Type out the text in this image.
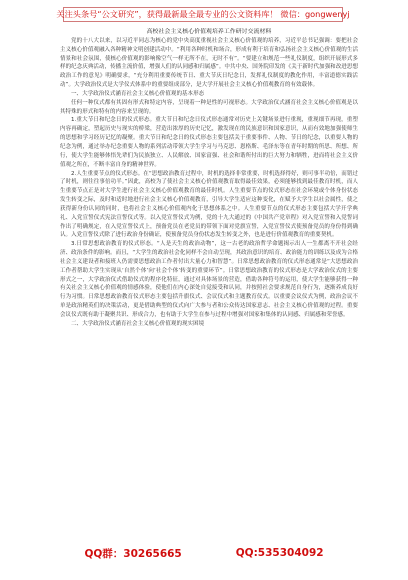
关注头条号“公文研究”，获得最新最全最专业的公文资料库！ 微信：gongwenyj
高校社会主义核心价值观培养工作研讨交流材料

党的十八大以来，以习近平同志为核心的党中央高度重视社会主义核心价值观的培养，习近平总书记强调：要把社会主义核心价值观融入各种精神文明创建活动中。“利用各种时机和场合，形成有利于培育和弘扬社会主义核心价值观的生活情景和社会氛围，使核心价值观的影响像空气一样无所不在，无时不有”。“要建立和规范一些礼仪制度，组织开展形式多样的纪念庆典活动，传播主流价值，增强人们的认同感和归属感”。中共中央、国务院印发的《关于新时代加强和改进思想政治工作的意见》明确要求，“充分利用重要传统节日、重大节庆日纪念日，发挥礼仪制度的教化作用，丰富道德实践活动”。大学政治仪式是大学仪式体系中的重要组成部分，是大学开展社会主义核心价值观教育的有效载体。

一、大学政治仪式涵育社会主义核心价值观的基本形态

任何一种仪式都有其固有形式和特定内容，呈现着一种是性的可视形态。大学政治仪式涵育社会主义核心价值观是以其特殊的形式和特有的内容来呈现的。

1.重大节日和纪念日的仪式形态。重大节日和纪念日仪式形态通常对历史上关键场景进行重现，重现细节再现，重塑内容再确定，塑起历史与现实的桥梁，营造出浓厚的历史记忆，激发现在的民族意识和国家意识，从而有效地加强使师生的思想和学习经历记忆的凝聚。重大节日和纪念日的仪式形态主要包括关于重要事件、人物、节日的纪念，以重要人物的纪念为例，通过举办纪念重要人物的系列活动带领大学生学习与马克思、恩格斯、毛泽东等在青年时期的所思、所想、所行，使大学生能够体悟先辈们为民族独立、人民解放、国家富强、社会和谐所付出的巨大努力和牺牲，进而将社会主义价值观之所在，不断丰富自身的精神世界。

2.人生重要节点的仪式形态。在“思想政治教育过程中，时机的选择非常重要，时机选择得好，则可事半功倍，而错过了时机，则往往事倍功半。”因此，高校为了使社会主义核心价值观教育取得最佳效果，必须能够找到最佳教育时机，而人生重要节点正是对大学生进行社会主义核心价值观教育的最佳时机。人生重要节点的仪式形态在社会环境或个体身份状态发生转变之际，及时和适时地进行社会主义核心价值观教育，引导大学生适应这种变化，在赋予大学生以社会属性，使之获得新身份认同的同时，也将社会主义核心价值观内化于思想体系之中。人生重要节点的仪式形态主要包括大学开学典礼、入党宣誓仪式宪法宣誓仪式等。以入党宣誓仪式为例，党的十九大通过的《中国共产党章程》对入党宣誓和入党誓词作出了明确规定，在入党宣誓仪式上，预备党员在老党员的带领下面对党旗宣誓，入党宣誓仪式使预备党员的身份得到确认。入党宣誓仪式除了进行政治身份确证，使预备党员身份状态发生转变之外，也是进行价值观教育的重要契机。

3.日常思想政治教育的仪式形态。“人是天生的政治动物”，这一古老的政治哲学命题揭示出人一生都离不开社会经济、政治条件的影响。而且，“大学生的政治社会化同样不会自动呈现，其政治意识的培育、政治能力的训练以及成为合格社会主义建设者和接班人仍需要思想政治工作者付出大量心力和智慧”。日常思想政治教育的仪式形态通常是“大思想政治工作者帮助大学生实现从‘自然个体’向‘社会个体’转变的重要环节”。日常思想政治教育的仪式形态是大学政治仪式的主要形式之一，大学政治仪式借助仪式的程序化特征，通过对具体场景的营造，借助各种符号的运用，使大学生能够获得一种有关社会主义核心价值观的情感体验，使他们在内心深处自觉接受和认同，并按照社会要求规范自身行为，逐渐养成良好行为习惯。日常思想政治教育仪式形态主要包括升旗仪式、会议仪式和主题教育仪式。以重要会议仪式为例，政治会议不单是政治精英们的决策活动，更是借助典型的仪式向广大参与者和公众传达国家意志、社会主义核心价值观的过程。重要会议仪式既有助于凝聚共识、形成合力，也有助于大学生在参与过程中增强对国家和集体的认同感、归属感和荣誉感。

二、大学政治仪式涵育社会主义核心价值观的现实困境

QQ群：30265665	QQ:535304092
